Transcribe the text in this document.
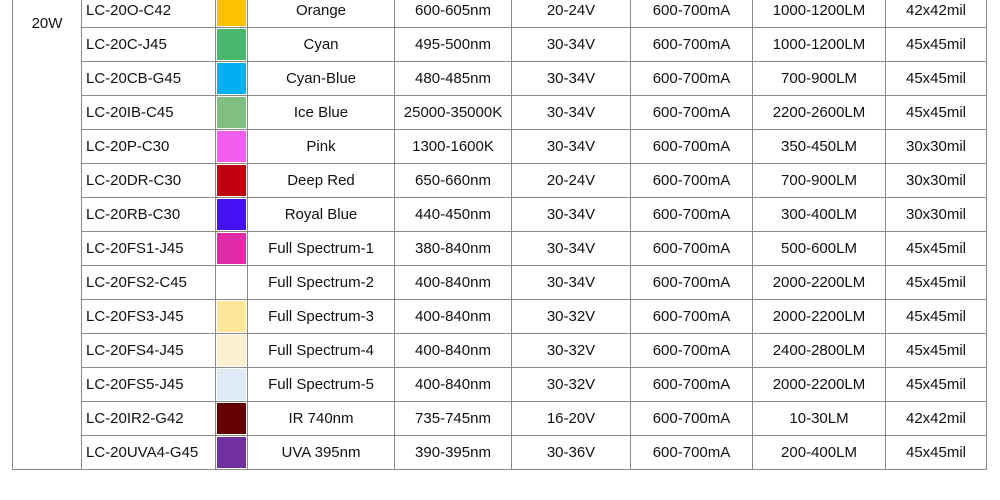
20W	LC-20O-C42		Orange	600-605nm	20-24V	600-700mA	1000-1200LM	42x42mil
	LC-20C-J45		Cyan	495-500nm	30-34V	600-700mA	1000-1200LM	45x45mil
	LC-20CB-G45		Cyan-Blue	480-485nm	30-34V	600-700mA	700-900LM	45x45mil
	LC-20IB-C45		Ice Blue	25000-35000K	30-34V	600-700mA	2200-2600LM	45x45mil
	LC-20P-C30		Pink	1300-1600K	30-34V	600-700mA	350-450LM	30x30mil
	LC-20DR-C30		Deep Red	650-660nm	20-24V	600-700mA	700-900LM	30x30mil
	LC-20RB-C30		Royal Blue	440-450nm	30-34V	600-700mA	300-400LM	30x30mil
	LC-20FS1-J45		Full Spectrum-1	380-840nm	30-34V	600-700mA	500-600LM	45x45mil
	LC-20FS2-C45		Full Spectrum-2	400-840nm	30-34V	600-700mA	2000-2200LM	45x45mil
	LC-20FS3-J45		Full Spectrum-3	400-840nm	30-32V	600-700mA	2000-2200LM	45x45mil
	LC-20FS4-J45		Full Spectrum-4	400-840nm	30-32V	600-700mA	2400-2800LM	45x45mil
	LC-20FS5-J45		Full Spectrum-5	400-840nm	30-32V	600-700mA	2000-2200LM	45x45mil
	LC-20IR2-G42		IR 740nm	735-745nm	16-20V	600-700mA	10-30LM	42x42mil
	LC-20UVA4-G45		UVA 395nm	390-395nm	30-36V	600-700mA	200-400LM	45x45mil
